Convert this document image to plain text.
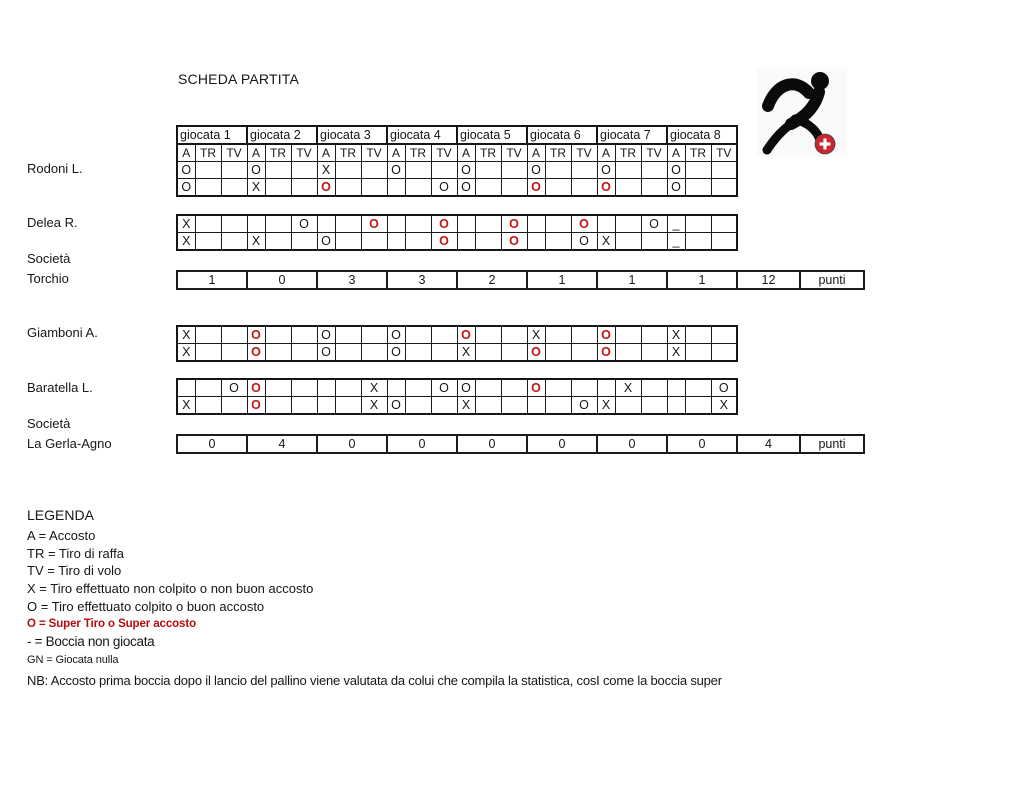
SCHEDA PARTITA
Rodoni L.
Delea R.
Società
Torchio
Giamboni A.
Baratella L.
Società
La Gerla-Agno
giocata 1			giocata 2			giocata 3			giocata 4			giocata 5			giocata 6			giocata 7			giocata 8		
A	TR	TV	A	TR	TV	A	TR	TV	A	TR	TV	A	TR	TV	A	TR	TV	A	TR	TV	A	TR	TV
O			O			X			O			O			O			O			O		
O			X			O					O	O			O			O			O		
X					O			O			O			O			O			O	_		
X			X			O					O			O			O	X			_		
1	0	3	3	2	1	1	1	12	punti
X			O			O			O			O			X			O			X		
X			O			O			O			X			O			O			X		
		O	O					X			O	O			O				X				O
X			O					X	O			X					O	X					X
0	4	0	0	0	0	0	0	4	punti
LEGENDA
A = Accosto
TR = Tiro di raffa
TV = Tiro di volo
X = Tiro effettuato non colpito o non buon accosto
O = Tiro effettuato colpito o buon accosto
O = Super Tiro o Super accosto
- = Boccia non giocata
GN = Giocata nulla
NB: Accosto prima boccia dopo il lancio del pallino viene valutata da colui che compila la statistica, cosI come la boccia super
